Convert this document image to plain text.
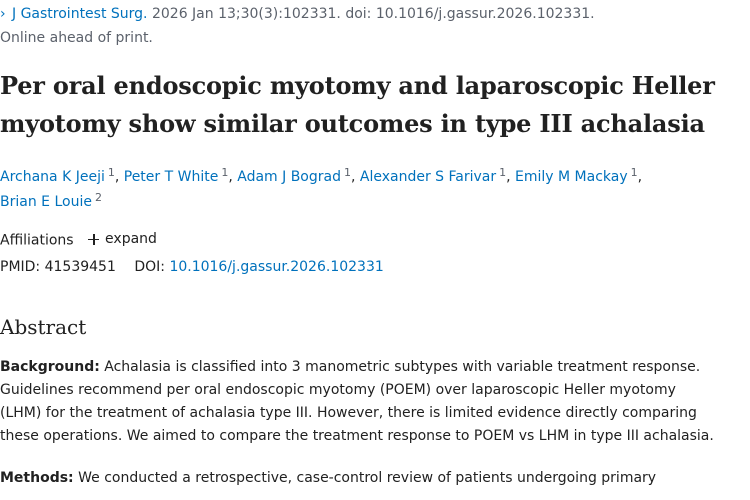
› J Gastrointest Surg. 2026 Jan 13;30(3):102331. doi: 10.1016/j.gassur.2026.102331.
Online ahead of print.
Per oral endoscopic myotomy and laparoscopic Heller
myotomy show similar outcomes in type III achalasia
Archana K Jeeji $^1$, Peter T White $^1$, Adam J Bograd $^1$, Alexander S Farivar $^1$, Emily M Mackay $^1$,
Brian E Louie $^2$
Affiliations expand
PMID: 41539451 DOI: 10.1016/j.gassur.2026.102331
Abstract

Background: Achalasia is classified into 3 manometric subtypes with variable treatment response.
Guidelines recommend per oral endoscopic myotomy (POEM) over laparoscopic Heller myotomy
(LHM) for the treatment of achalasia type III. However, there is limited evidence directly comparing
these operations. We aimed to compare the treatment response to POEM vs LHM in type III achalasia.

Methods: We conducted a retrospective, case-control review of patients undergoing primary
